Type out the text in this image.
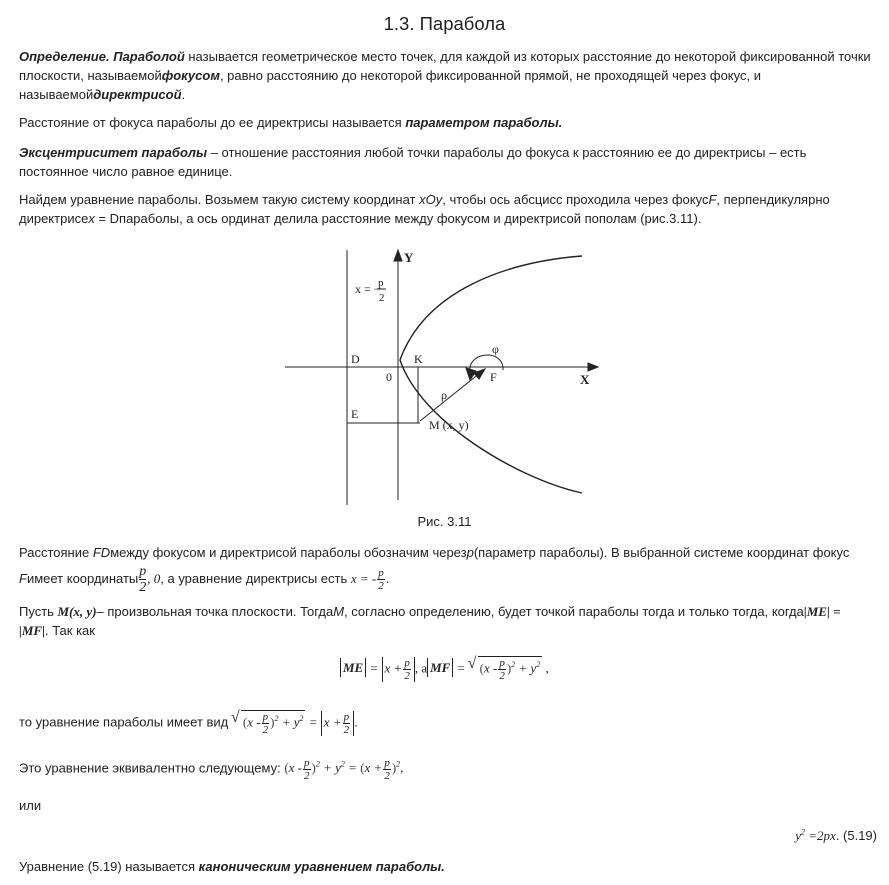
1.3. Парабола

Определение. Параболой называется геометрическое место точек, для каждой из которых расстояние до некоторой фиксированной точки плоскости, называемойфокусом, равно расстоянию до некоторой фиксированной прямой, не проходящей через фокус, и называемойдиректрисой.

Расстояние от фокуса параболы до ее директрисы называется параметром параболы.

Эксцентриситет параболы – отношение расстояния любой точки параболы до фокуса к расстоянию ее до директрисы – есть постоянное число равное единице.

Найдем уравнение параболы. Возьмем такую систему координат xOy, чтобы ось абсцисс проходила через фокусF, перпендикулярно директрисеx = Dпараболы, а ось ординат делила расстояние между фокусом и директрисой пополам (рис.3.11).

x = −
p
2
Y
X
D	K
0
E
F
M (x, y)
ρ
φ
Рис. 3.11

Расстояние FDмежду фокусом и директрисой параболы обозначим черезp(параметр параболы). В выбранной системе координат фокус
Fимеет координаты $\frac{p}{2}$ , 0, а уравнение директрисы есть x = - $\frac{p}{2}$ .

Пусть M(x, y)– произвольная точка плоскости. ТогдаM, согласно определению, будет точкой параболы тогда и только тогда, когда|ME| = |MF|. Так как

ME = $x + \frac{p}{2}$ , а MF = √ $(x - \frac{p}{2} )^2 + y^2$ ,

то уравнение параболы имеет вид √ $(x - \frac{p}{2} )^2 + y^2 = x + \frac{p}{2}$ .

Это уравнение эквивалентно следующему: $(x - \frac{p}{2} )^2 + y^2 = (x + \frac{p}{2} )^2$,

или

$y^2 =2px$. (5.19)

Уравнение (5.19) называется каноническим уравнением параболы.
